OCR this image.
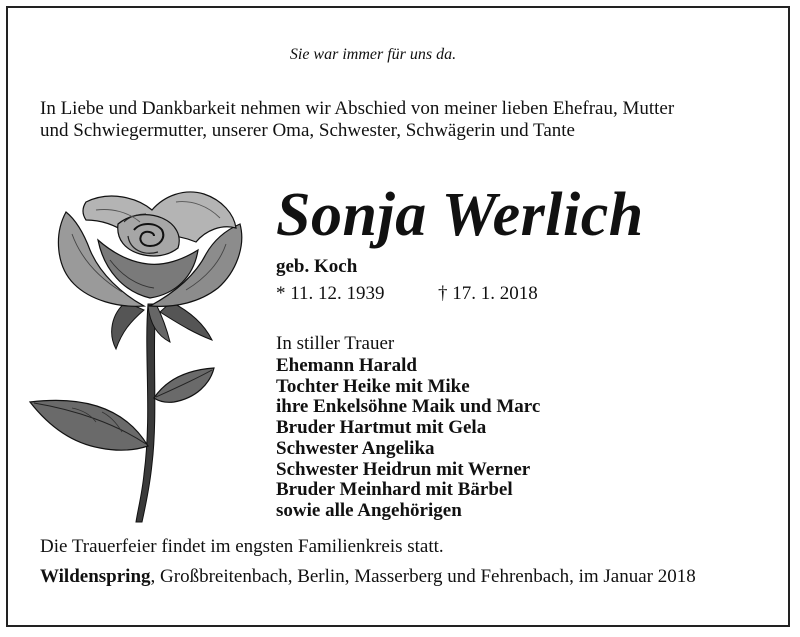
Sie war immer für uns da.

In Liebe und Dankbarkeit nehmen wir Abschied von meiner lieben Ehefrau, Mutter

und Schwiegermutter, unserer Oma, Schwester, Schwägerin und Tante

Sonja Werlich
geb. Koch
* 11. 12. 1939	† 17. 1. 2018
In stiller Trauer
Ehemann Harald
Tochter Heike mit Mike
ihre Enkelsöhne Maik und Marc
Bruder Hartmut mit Gela
Schwester Angelika
Schwester Heidrun mit Werner
Bruder Meinhard mit Bärbel
sowie alle Angehörigen
Die Trauerfeier findet im engsten Familienkreis statt.
Wildenspring, Großbreitenbach, Berlin, Masserberg und Fehrenbach, im Januar 2018
